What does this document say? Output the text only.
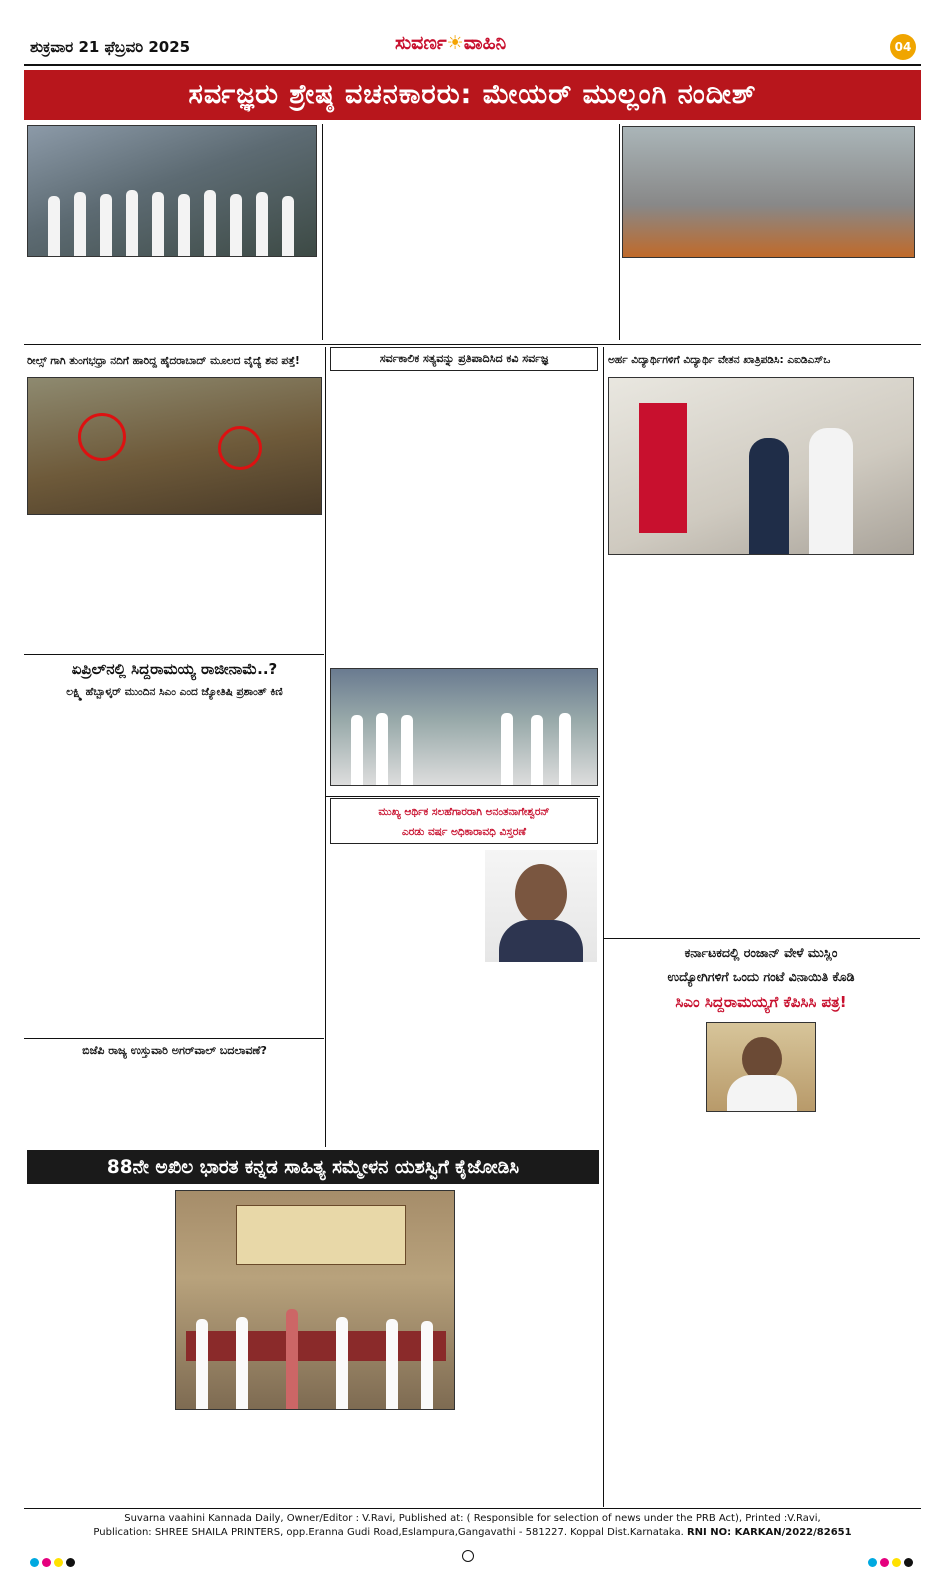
ಶುಕ್ರವಾರ 21 ಫೆಬ್ರವರಿ 2025	ಸುವರ್ಣ☀ವಾಹಿನಿ	04
ಸರ್ವಜ್ಞರು ಶ್ರೇಷ್ಠ ವಚನಕಾರರು: ಮೇಯರ್ ಮುಲ್ಲಂಗಿ ನಂದೀಶ್
ರೀಲ್ಸ್ ಗಾಗಿ ತುಂಗಭಧ್ರಾ ನದಿಗೆ ಹಾರಿದ್ದ ಹೈದರಾಬಾದ್ ಮೂಲದ ವೈದ್ಯೆ ಶವ ಪತ್ತೆ!	ಸರ್ವಕಾಲಿಕ ಸತ್ಯವನ್ನು ಪ್ರತಿಪಾದಿಸಿದ ಕವಿ ಸರ್ವಜ್ಞ	ಅರ್ಹ ವಿದ್ಯಾರ್ಥಿಗಳಿಗೆ ವಿದ್ಯಾರ್ಥಿ ವೇತನ ಖಾತ್ರಿಪಡಿಸಿ: ಎಐಡಿಎಸ್ಒ
ಏಪ್ರಿಲ್‌ನಲ್ಲಿ ಸಿದ್ದರಾಮಯ್ಯ ರಾಜೀನಾಮೆ..?
ಲಕ್ಷ್ಮಿ ಹೆಬ್ಬಾಳ್ಕರ್ ಮುಂದಿನ ಸಿಎಂ ಎಂದ ಜ್ಯೋತಿಷಿ ಪ್ರಶಾಂತ್ ಕಿಣಿ
ಮುಖ್ಯ ಆರ್ಥಿಕ ಸಲಹೆಗಾರರಾಗಿ ಅನಂತನಾಗೇಶ್ವರನ್
ಎರಡು ವರ್ಷ ಅಧಿಕಾರಾವಧಿ ವಿಸ್ತರಣೆ
ಕರ್ನಾಟಕದಲ್ಲಿ ರಂಜಾನ್ ವೇಳೆ ಮುಸ್ಲಿಂ
ಉದ್ಯೋಗಿಗಳಿಗೆ ಒಂದು ಗಂಟೆ ವಿನಾಯಿತಿ ಕೊಡಿ
ಸಿಎಂ ಸಿದ್ದರಾಮಯ್ಯಗೆ ಕೆಪಿಸಿಸಿ ಪತ್ರ!
ಬಿಜೆಪಿ ರಾಜ್ಯ ಉಸ್ತುವಾರಿ ಅಗರ್‌ವಾಲ್ ಬದಲಾವಣೆ?
88ನೇ ಅಖಿಲ ಭಾರತ ಕನ್ನಡ ಸಾಹಿತ್ಯ ಸಮ್ಮೇಳನ ಯಶಸ್ವಿಗೆ ಕೈಜೋಡಿಸಿ
Suvarna vaahini Kannada Daily, Owner/Editor : V.Ravi, Published at: ( Responsible for selection of news under the PRB Act), Printed :V.Ravi,
Publication: SHREE SHAILA PRINTERS, opp.Eranna Gudi Road,Eslampura,Gangavathi - 581227. Koppal Dist.Karnataka. RNI NO: KARKAN/2022/82651
